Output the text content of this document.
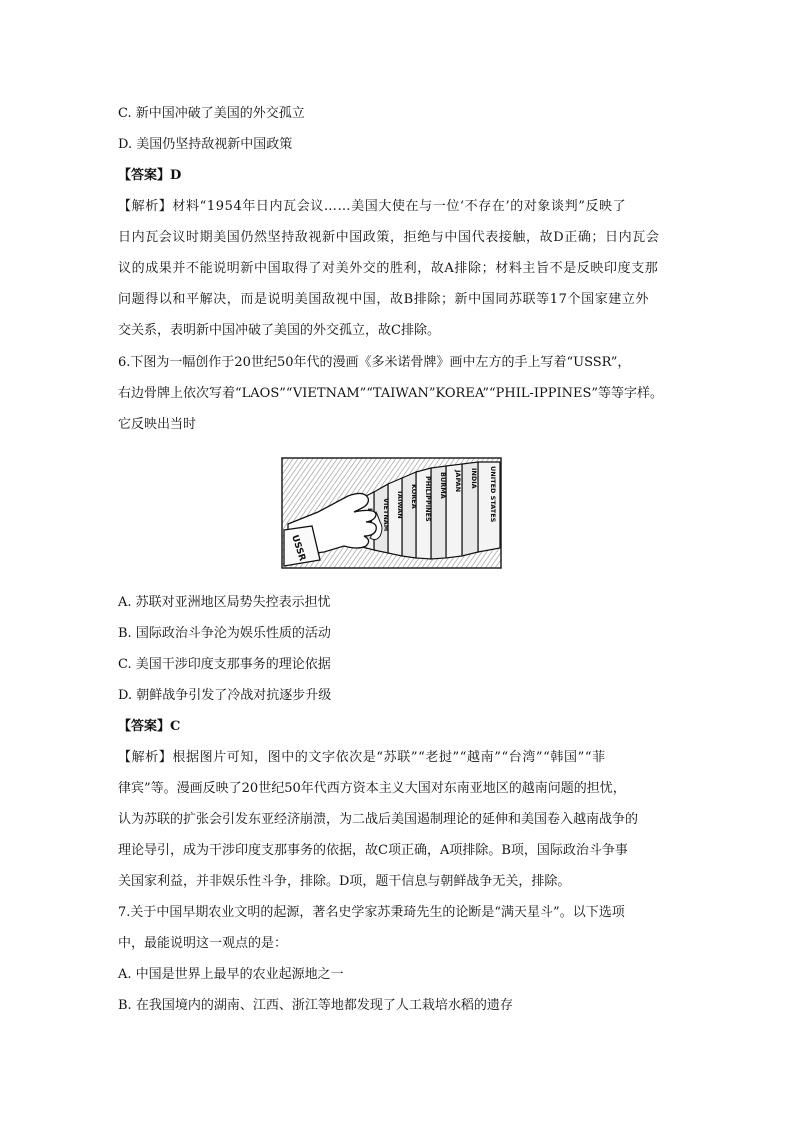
C. 新中国冲破了美国的外交孤立
D. 美国仍坚持敌视新中国政策
【答案】D
【解析】材料“1954年日内瓦会议……美国大使在与一位‘不存在’的对象谈判”反映了
日内瓦会议时期美国仍然坚持敌视新中国政策，拒绝与中国代表接触，故D正确；日内瓦会
议的成果并不能说明新中国取得了对美外交的胜利，故A排除；材料主旨不是反映印度支那
问题得以和平解决，而是说明美国敌视中国，故B排除；新中国同苏联等17个国家建立外
交关系，表明新中国冲破了美国的外交孤立，故C排除。
6.下图为一幅创作于20世纪50年代的漫画《多米诺骨牌》画中左方的手上写着“USSR”，
右边骨牌上依次写着“LAOS”“VIETNAM”“TAIWAN”KOREA”“PHIL-IPPINES”等等字样。
它反映出当时
UNITED STATES
INDIA
JAPAN
BURMA
PHILIPPINES
KOREA
TAIWAN
VIETNAM
USSR
A. 苏联对亚洲地区局势失控表示担忧
B. 国际政治斗争沦为娱乐性质的活动
C. 美国干涉印度支那事务的理论依据
D. 朝鲜战争引发了冷战对抗逐步升级
【答案】C
【解析】根据图片可知，图中的文字依次是“苏联”“老挝”“越南”“台湾”“韩国”“菲
律宾”等。漫画反映了20世纪50年代西方资本主义大国对东南亚地区的越南问题的担忧，
认为苏联的扩张会引发东亚经济崩溃，为二战后美国遏制理论的延伸和美国卷入越南战争的
理论导引，成为干涉印度支那事务的依据，故C项正确，A项排除。B项，国际政治斗争事
关国家利益，并非娱乐性斗争，排除。D项，题干信息与朝鲜战争无关，排除。
7.关于中国早期农业文明的起源，著名史学家苏秉琦先生的论断是“满天星斗”。以下选项
中，最能说明这一观点的是：
A. 中国是世界上最早的农业起源地之一
B. 在我国境内的湖南、江西、浙江等地都发现了人工栽培水稻的遗存
